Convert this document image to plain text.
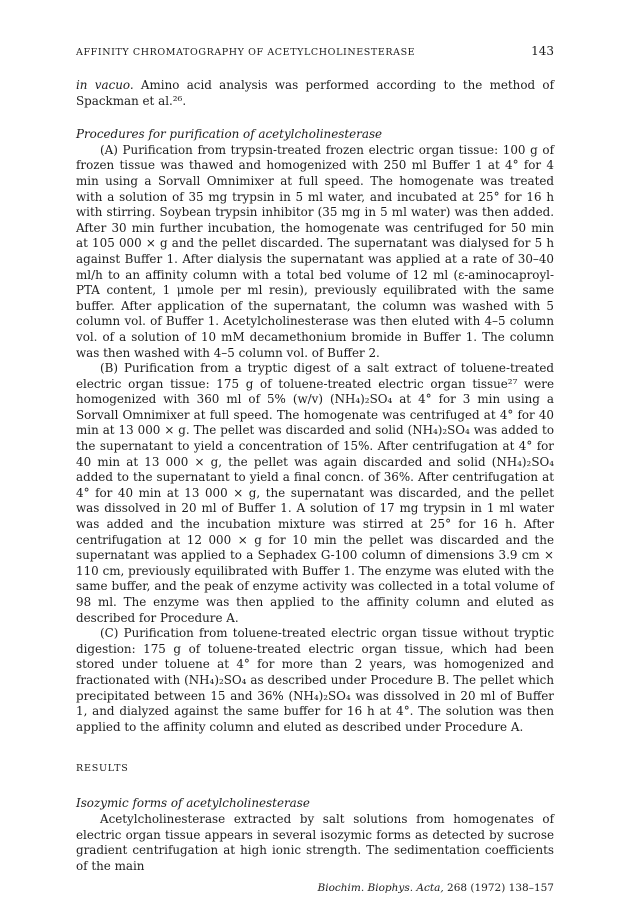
AFFINITY CHROMATOGRAPHY OF ACETYLCHOLINESTERASE	143

in vacuo. Amino acid analysis was performed according to the method of Spackman et al.²⁶.

Procedures for purification of acetylcholinesterase

(A) Purification from trypsin-treated frozen electric organ tissue: 100 g of frozen tissue was thawed and homogenized with 250 ml Buffer 1 at 4° for 4 min using a Sorvall Omnimixer at full speed. The homogenate was treated with a solution of 35 mg trypsin in 5 ml water, and incubated at 25° for 16 h with stirring. Soybean trypsin inhibitor (35 mg in 5 ml water) was then added. After 30 min further incubation, the homogenate was centrifuged for 50 min at 105 000 × g and the pellet discarded. The supernatant was dialysed for 5 h against Buffer 1. After dialysis the supernatant was applied at a rate of 30–40 ml/h to an affinity column with a total bed volume of 12 ml (ε-aminocaproyl-PTA content, 1 μmole per ml resin), previously equilibrated with the same buffer. After application of the supernatant, the column was washed with 5 column vol. of Buffer 1. Acetylcholinesterase was then eluted with 4–5 column vol. of a solution of 10 mM decamethonium bromide in Buffer 1. The column was then washed with 4–5 column vol. of Buffer 2.

(B) Purification from a tryptic digest of a salt extract of toluene-treated electric organ tissue: 175 g of toluene-treated electric organ tissue²⁷ were homogenized with 360 ml of 5% (w/v) (NH₄)₂SO₄ at 4° for 3 min using a Sorvall Omnimixer at full speed. The homogenate was centrifuged at 4° for 40 min at 13 000 × g. The pellet was discarded and solid (NH₄)₂SO₄ was added to the supernatant to yield a concentration of 15%. After centrifugation at 4° for 40 min at 13 000 × g, the pellet was again discarded and solid (NH₄)₂SO₄ added to the supernatant to yield a final concn. of 36%. After centrifugation at 4° for 40 min at 13 000 × g, the supernatant was discarded, and the pellet was dissolved in 20 ml of Buffer 1. A solution of 17 mg trypsin in 1 ml water was added and the incubation mixture was stirred at 25° for 16 h. After centrifugation at 12 000 × g for 10 min the pellet was discarded and the supernatant was applied to a Sephadex G-100 column of dimensions 3.9 cm × 110 cm, previously equilibrated with Buffer 1. The enzyme was eluted with the same buffer, and the peak of enzyme activity was collected in a total volume of 98 ml. The enzyme was then applied to the affinity column and eluted as described for Procedure A.

(C) Purification from toluene-treated electric organ tissue without tryptic digestion: 175 g of toluene-treated electric organ tissue, which had been stored under toluene at 4° for more than 2 years, was homogenized and fractionated with (NH₄)₂SO₄ as described under Procedure B. The pellet which precipitated between 15 and 36% (NH₄)₂SO₄ was dissolved in 20 ml of Buffer 1, and dialyzed against the same buffer for 16 h at 4°. The solution was then applied to the affinity column and eluted as described under Procedure A.

RESULTS

Isozymic forms of acetylcholinesterase

Acetylcholinesterase extracted by salt solutions from homogenates of electric organ tissue appears in several isozymic forms as detected by sucrose gradient centrifugation at high ionic strength. The sedimentation coefficients of the main

Biochim. Biophys. Acta, 268 (1972) 138–157
